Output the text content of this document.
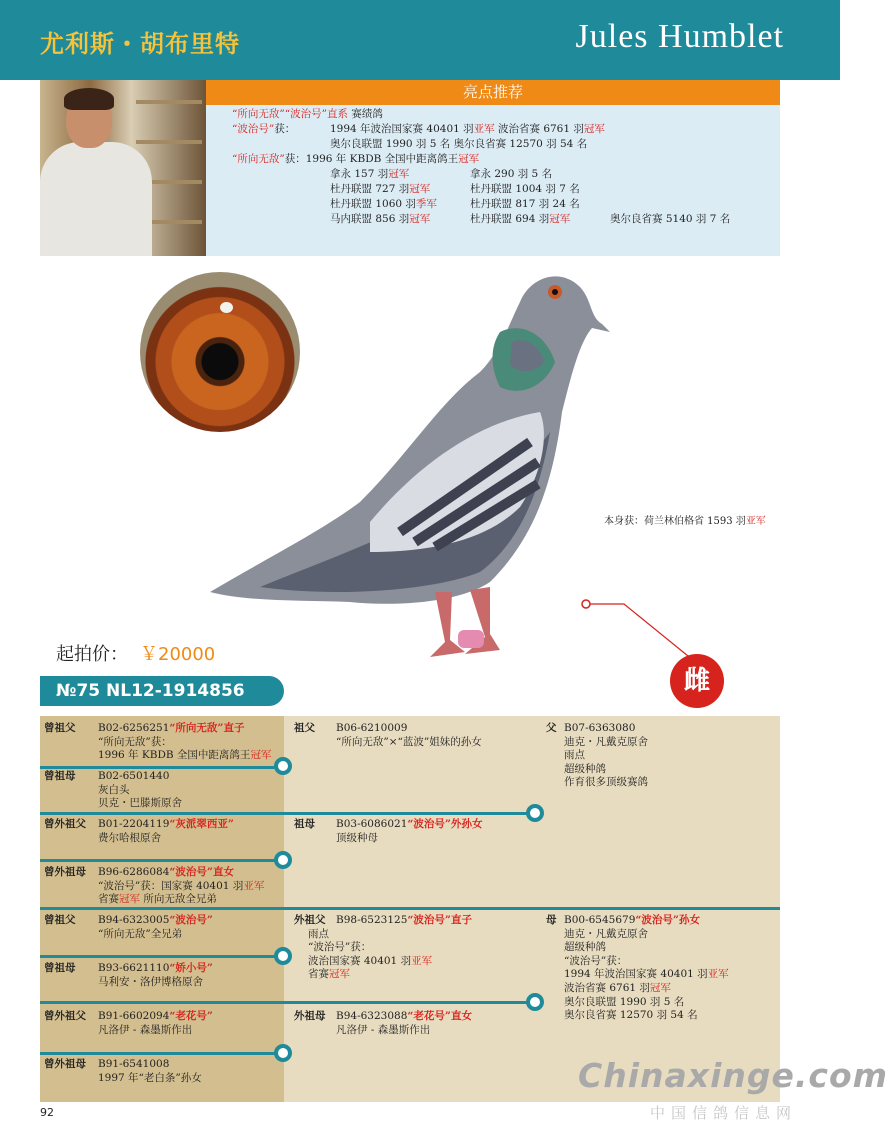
尤利斯・胡布里特	Jules Humblet
亮点推荐
“所向无敌”“波治号”直系 赛绩鸽
“波治号”获：	1994 年波治国家赛 40401 羽亚军 波治省赛 6761 羽冠军
奥尔良联盟 1990 羽 5 名 奥尔良省赛 12570 羽 54 名
“所向无敌”获：1996 年 KBDB 全国中距离鸽王冠军
拿永 157 羽冠军	拿永 290 羽 5 名
杜丹联盟 727 羽冠军	杜丹联盟 1004 羽 7 名
杜丹联盟 1060 羽季军	杜丹联盟 817 羽 24 名
马内联盟 856 羽冠军	杜丹联盟 694 羽冠军	奥尔良省赛 5140 羽 7 名
本身获：荷兰林伯格省 1593 羽亚军
起拍价： ￥20000
雌
№75 NL12-1914856
曾祖父 B02-6256251“所向无敌”直子

“所向无敌”获：
1996 年 KBDB 全国中距离鸽王冠军
曾祖母 B02-6501440

灰白头
贝克・巴滕斯原舍
曾外祖父 B01-2204119“灰派翠西亚”

费尔哈根原舍
曾外祖母 B96-6286084“波治号”直女

“波治号”获：国家赛 40401 羽亚军
省赛冠军 所向无敌全兄弟
曾祖父 B94-6323005“波治号”

“所向无敌”全兄弟
曾祖母 B93-6621110“娇小号”

马利安・洛伊博格原舍
曾外祖父 B91-6602094“老花号”

凡洛伊 - 森墨斯作出
曾外祖母 B91-6541008

1997 年“老白条”孙女
祖父 B06-6210009

“所向无敌”×“蓝波”姐妹的孙女
祖母 B03-6086021“波治号”外孙女

顶级种母
外祖父 B98-6523125“波治号”直子

雨点
“波治号”获：
波治国家赛 40401 羽亚军
省赛冠军
外祖母 B94-6323088“老花号”直女

凡洛伊 - 森墨斯作出
父 B07-6363080

迪克・凡戴克原舍
雨点
超级种鸽
作育很多顶级赛鸽
母 B00-6545679“波治号”孙女

迪克・凡戴克原舍
超级种鸽
“波治号”获：
1994 年波治国家赛 40401 羽亚军
波治省赛 6761 羽冠军
奥尔良联盟 1990 羽 5 名
奥尔良省赛 12570 羽 54 名
92
Chinaxinge.com
中国信鸽信息网
